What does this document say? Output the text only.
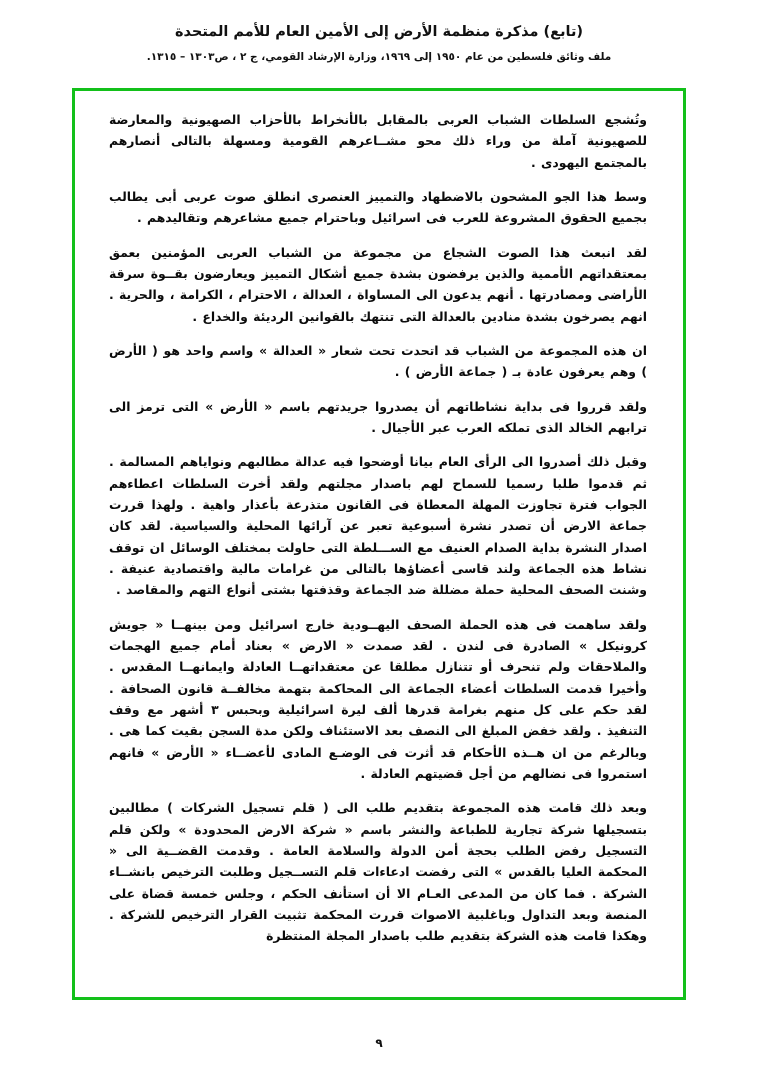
(تابع) مذكرة منظمة الأرض إلى الأمين العام للأمم المتحدة
ملف وثائق فلسطين من عام ١٩٥٠ إلى ١٩٦٩، وزارة الإرشاد القومي، ج ٢ ، ص١٣٠٣ – ١٣١٥.

وتُشجع السلطات الشباب العربى بالمقابل بالأنخراط بالأحزاب الصهيونية والمعارضة للصهيونية آملة من وراء ذلك محو مشــاعرهم القومية ومسهلة بالتالى أنصارهم بالمجتمع اليهودى .

وسط هذا الجو المشحون بالاضطهاد والتمييز العنصرى انطلق صوت عربى أبى يطالب بجميع الحقوق المشروعة للعرب فى اسرائيل وباحترام جميع مشاعرهم وتقاليدهم .

لقد انبعث هذا الصوت الشجاع من مجموعة من الشباب العربى المؤمنين بعمق بمعتقداتهم الأممية والذين يرفضون بشدة جميع أشكال التمييز ويعارضون بقــوة سرقة الأراضى ومصادرتها . أنهم يدعون الى المساواة ، العدالة ، الاحترام ، الكرامة ، والحرية . انهم يصرخون بشدة منادين بالعدالة التى تنتهك بالقوانين الرديئة والخداع .

ان هذه المجموعة من الشباب قد اتحدت تحت شعار « العدالة » واسم واحد هو ( الأرض ) وهم يعرفون عادة بـ ( جماعة الأرض ) .

ولقد قرروا فى بداية نشاطاتهم أن يصدروا جريدتهم باسم « الأرض » التى ترمز الى ترابهم الخالد الذى تملكه العرب عبر الأجيال .

وقبل ذلك أصدروا الى الرأى العام بيانا أوضحوا فيه عدالة مطالبهم ونواياهم المسالمة . ثم قدموا طلبا رسميا للسماح لهم باصدار مجلتهم ولقد أخرت السلطات اعطاءهم الجواب فترة تجاوزت المهلة المعطاة فى القانون متذرعة بأعذار واهية . ولهذا قررت جماعة الارض أن تصدر نشرة أسبوعية تعبر عن آرائها المحلية والسياسية. لقد كان اصدار النشرة بداية الصدام العنيف مع الســـلطة التى حاولت بمختلف الوسائل ان توقف نشاط هذه الجماعة ولند قاسى أعضاؤها بالتالى من غرامات مالية واقتصادية عنيفة . وشنت الصحف المحلية حملة مضللة ضد الجماعة وقذفتها بشتى أنواع التهم والمقاصد .

ولقد ساهمت فى هذه الحملة الصحف اليهــودية خارج اسرائيل ومن بينهــا « جويش كرونيكل » الصادرة فى لندن . لقد صمدت « الارض » بعناد أمام جميع الهجمات والملاحقات ولم تنحرف أو تتنازل مطلقا عن معتقداتهــا العادلة وايمانهــا المقدس . وأخيرا قدمت السلطات أعضاء الجماعة الى المحاكمة بتهمة مخالفــة قانون الصحافة . لقد حكم على كل منهم بغرامة قدرها ألف ليرة اسرائيلية وبحبس ٣ أشهر مع وقف التنفيذ . ولقد خفض المبلغ الى النصف بعد الاستئناف ولكن مدة السجن بقيت كما هى . وبالرغم من ان هــذه الأحكام قد أثرت فى الوضـع المادى لأعضــاء « الأرض » فانهم استمروا فى نضالهم من أجل قضيتهم العادلة .

وبعد ذلك قامت هذه المجموعة بتقديم طلب الى ( قلم تسجيل الشركات ) مطالبين بتسجيلها شركة تجارية للطباعة والنشر باسم « شركة الارض المحدودة » ولكن قلم التسجيل رفض الطلب بحجة أمن الدولة والسلامة العامة . وقدمت القضــية الى « المحكمة العليا بالقدس » التى رفضت ادعاءات قلم التســجيل وطلبت الترخيص بانشــاء الشركة . فما كان من المدعى العـام الا أن استأنف الحكم ، وجلس خمسة قضاة على المنصة وبعد التداول وباغلبية الاصوات قررت المحكمة تثبيت القرار الترخيص للشركة . وهكذا قامت هذه الشركة بتقديم طلب باصدار المجلة المنتظرة

٩
